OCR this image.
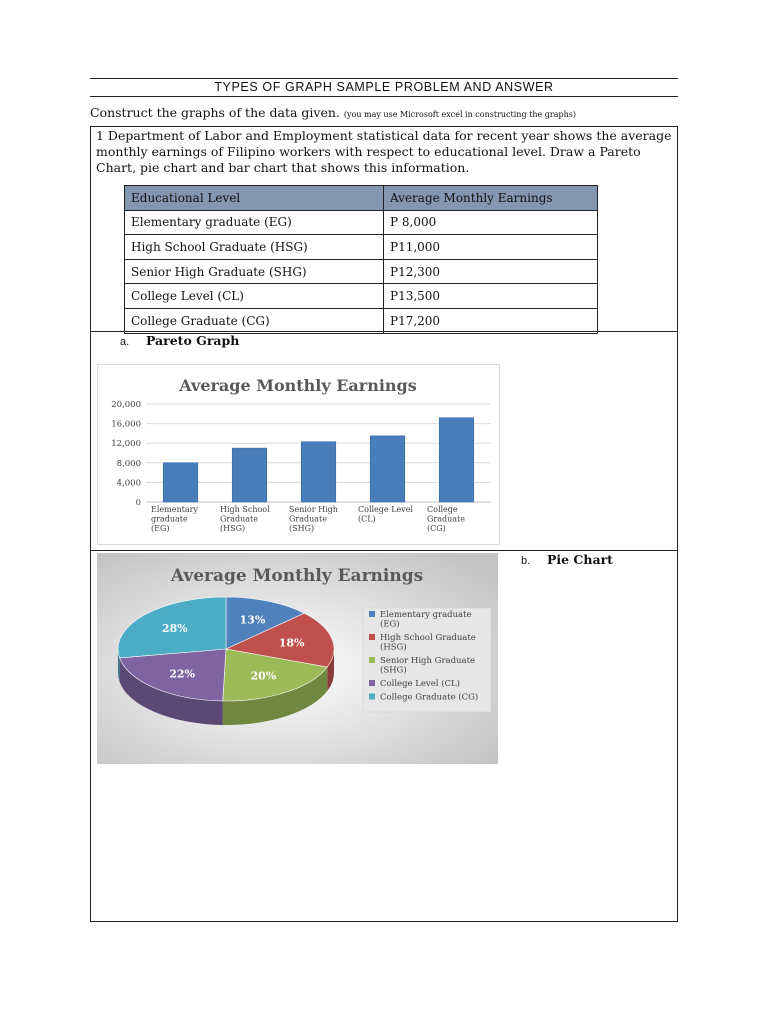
TYPES OF GRAPH SAMPLE PROBLEM AND ANSWER
Construct the graphs of the data given. (you may use Microsoft excel in constructing the graphs)
1 Department of Labor and Employment statistical data for recent year shows the average monthly earnings of Filipino workers with respect to educational level. Draw a Pareto Chart, pie chart and bar chart that shows this information.
Educational Level	Average Monthly Earnings
Elementary graduate (EG)	P 8,000
High School Graduate (HSG)	P11,000
Senior High Graduate (SHG)	P12,300
College Level (CL)	P13,500
College Graduate (CG)	P17,200
a. Pareto Graph
Average Monthly Earnings
0
4,000
8,000
12,000
16,000
20,000
Elementary
graduate
(EG)
High School
Graduate
(HSG)
Senior High
Graduate
(SHG)
College Level
(CL)
College
Graduate
(CG)
b. Pie Chart
Average Monthly Earnings
13%
18%
20%
22%
28%
Elementary graduate
(EG)
High School Graduate
(HSG)
Senior High Graduate
(SHG)
College Level (CL)
College Graduate (CG)
